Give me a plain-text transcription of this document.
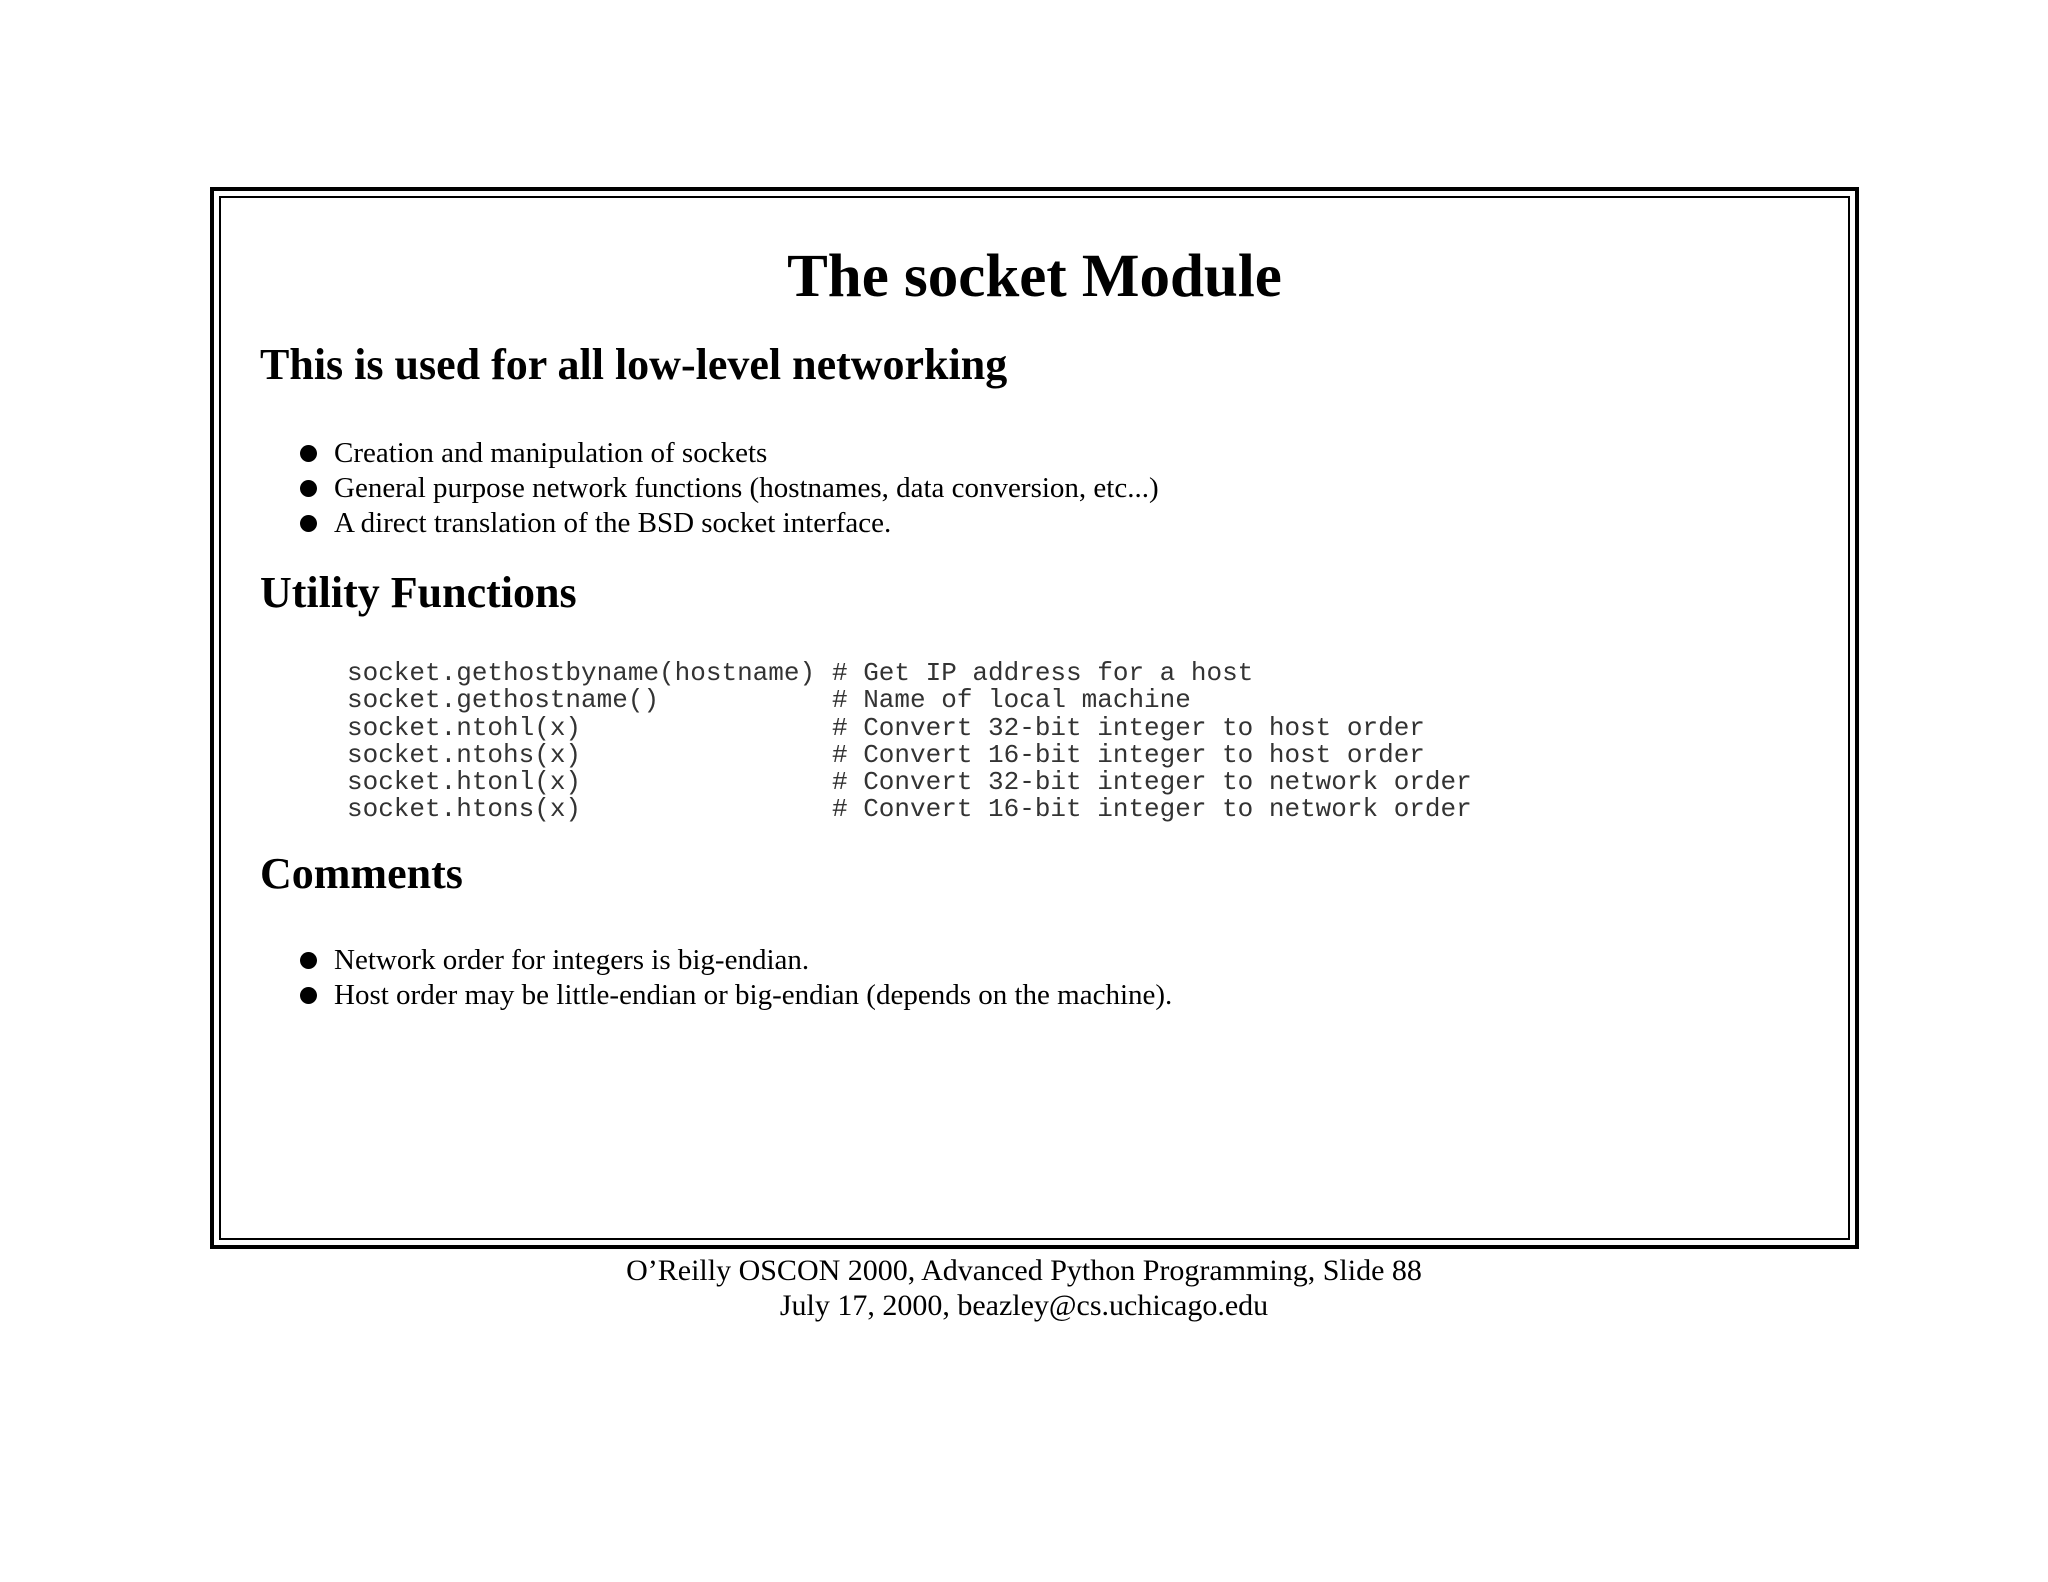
The socket Module
This is used for all low-level networking
Creation and manipulation of sockets
General purpose network functions (hostnames, data conversion, etc...)
A direct translation of the BSD socket interface.
Utility Functions
socket.gethostbyname(hostname) # Get IP address for a host
socket.gethostname()	# Name of local machine
socket.ntohl(x)	# Convert 32-bit integer to host order
socket.ntohs(x)	# Convert 16-bit integer to host order
socket.htonl(x)	# Convert 32-bit integer to network order
socket.htons(x)	# Convert 16-bit integer to network order
Comments
Network order for integers is big-endian.
Host order may be little-endian or big-endian (depends on the machine).
O’Reilly OSCON 2000, Advanced Python Programming, Slide 88
July 17, 2000, beazley@cs.uchicago.edu
